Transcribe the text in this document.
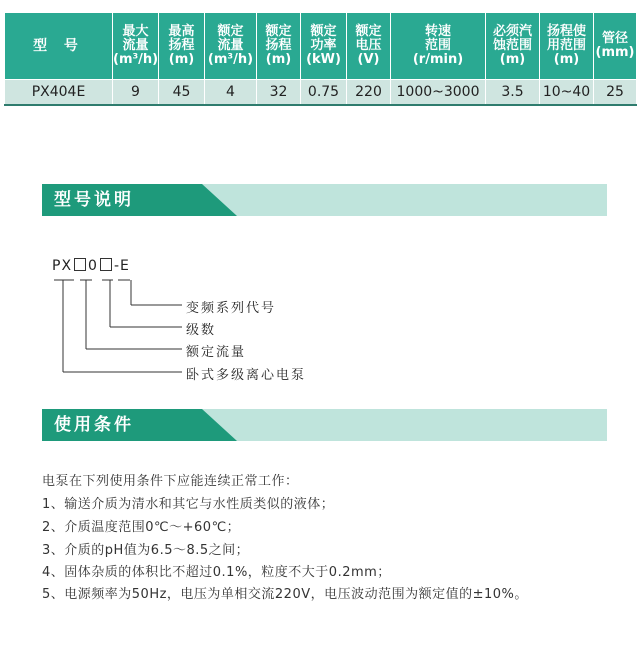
型 号	最大
流量
(m³/h)	最高
扬程
(m)	额定
流量
(m³/h)	额定
扬程
(m)	额定
功率
(kW)	额定
电压
(V)	转速
范围
(r/min)	必须汽
蚀范围
(m)	扬程使
用范围
(m)	管径
(mm)

PX404E	9	45	4	32	0.75	220	1000~3000	3.5	10~40	25
型号说明
PX 0 -E
变频系列代号
级数
额定流量
卧式多级离心电泵
使用条件
电泵在下列使用条件下应能连续正常工作：
1、输送介质为清水和其它与水性质类似的液体；
2、介质温度范围0℃～+60℃；
3、介质的pH值为6.5～8.5之间；
4、固体杂质的体积比不超过0.1%，粒度不大于0.2mm；
5、电源频率为50Hz，电压为单相交流220V，电压波动范围为额定值的±10%。
